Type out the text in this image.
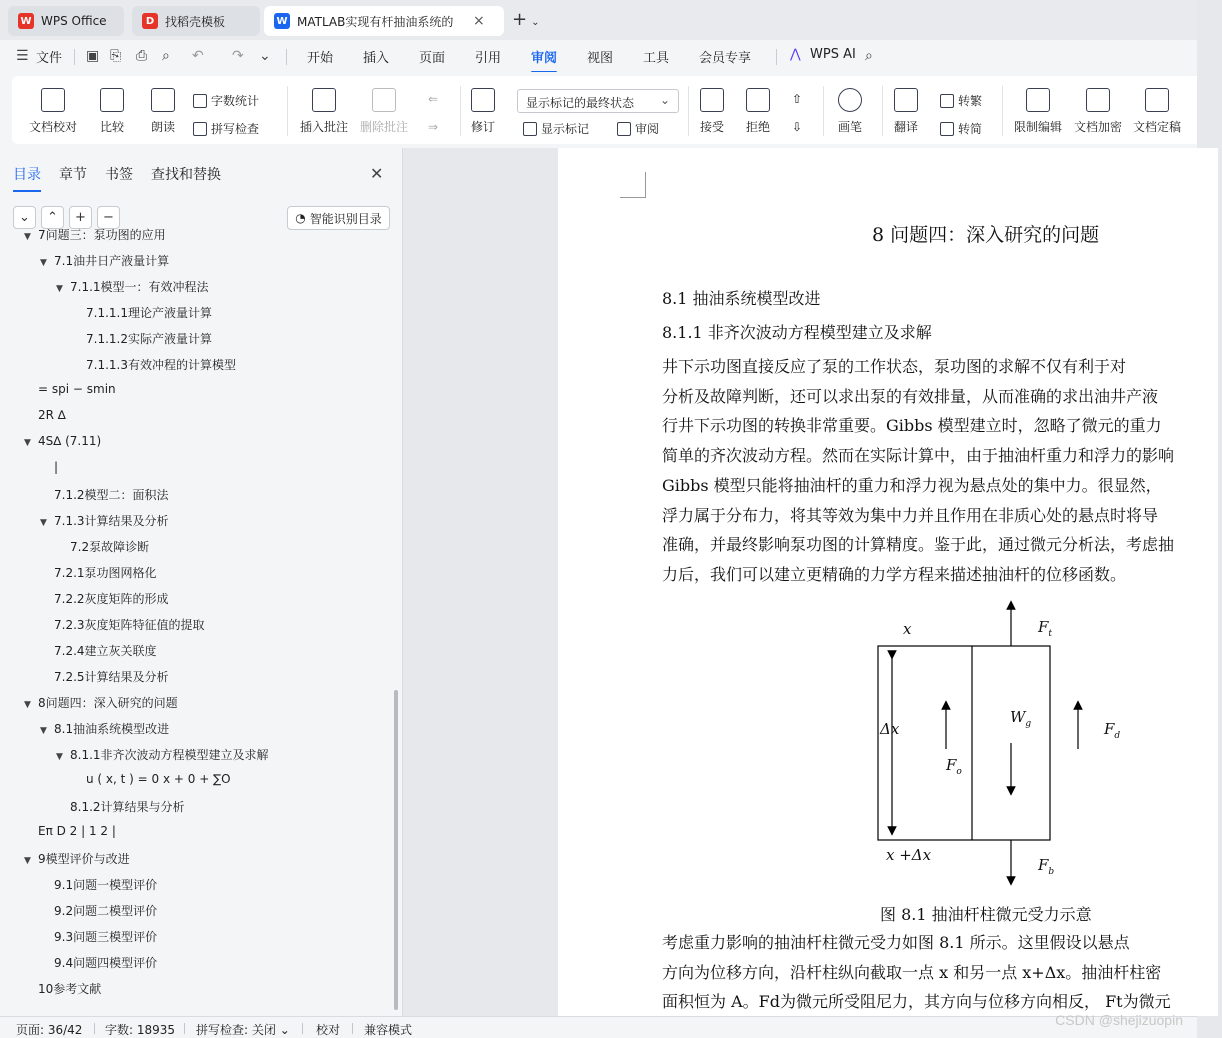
W WPS Office	D 找稻壳模板	W MATLAB实现有杆抽油系统的	× + ⌄
☰ 文件 ▣ ⎘ ⎙ ⌕ ↶ ↷ ⌄	开始 插入 页面 引用 审阅 视图 工具 会员专享	⋀ WPS AI ⌕
文档校对 比较 朗读
字数统计
拼写检查	插入批注 删除批注
⇐
⇒	修订
显示标记的最终状态 ⌄
显示标记	审阅	接受 拒绝
⇧
⇩	画笔	翻译
转繁
转简	限制编辑 文档加密 文档定稿
目录 章节 书签 查找和替换	✕
⌄	⌃	+	−	◔ 智能识别目录
▼ 7问题三：泵功图的应用
▼ 7.1油井日产液量计算
▼ 7.1.1模型一：有效冲程法
7.1.1.1理论产液量计算
7.1.1.2实际产液量计算
7.1.1.3有效冲程的计算模型
= spi − smin
2R ∆
▼ 4S∆ (7.11)
|
7.1.2模型二：面积法
▼ 7.1.3计算结果及分析
7.2泵故障诊断
7.2.1泵功图网格化
7.2.2灰度矩阵的形成
7.2.3灰度矩阵特征值的提取
7.2.4建立灰关联度
7.2.5计算结果及分析
▼ 8问题四：深入研究的问题
▼ 8.1抽油系统模型改进
▼ 8.1.1非齐次波动方程模型建立及求解
u ( x, t ) = 0 x + 0 + ∑O
8.1.2计算结果与分析
Eπ D 2 | 1 2 |
▼ 9模型评价与改进
9.1问题一模型评价
9.2问题二模型评价
9.3问题三模型评价
9.4问题四模型评价
10参考文献
8 问题四：深入研究的问题
8.1 抽油系统模型改进
8.1.1 非齐次波动方程模型建立及求解

井下示功图直接反应了泵的工作状态，泵功图的求解不仅有利于对

分析及故障判断，还可以求出泵的有效排量，从而准确的求出油井产液

行井下示功图的转换非常重要。Gibbs 模型建立时，忽略了微元的重力

简单的齐次波动方程。然而在实际计算中，由于抽油杆重力和浮力的影响

Gibbs 模型只能将抽油杆的重力和浮力视为悬点处的集中力。很显然，

浮力属于分布力，将其等效为集中力并且作用在非质心处的悬点时将导

准确，并最终影响泵功图的计算精度。鉴于此，通过微元分析法，考虑抽

力后，我们可以建立更精确的力学方程来描述抽油杆的位移函数。

x
Δx
x +Δx
$F_t$
$W_g$	$F_d$
$F_o$
$F_b$
图 8.1 抽油杆柱微元受力示意

考虑重力影响的抽油杆柱微元受力如图 8.1 所示。这里假设以悬点

方向为位移方向，沿杆柱纵向截取一点 x 和另一点 x+Δx。抽油杆柱密

面积恒为 A。Fd为微元所受阻尼力，其方向与位移方向相反， Ft为微元

页面: 36/42 字数: 18935 拼写检查: 关闭 ⌄ 校对 兼容模式
CSDN @shejizuopin
